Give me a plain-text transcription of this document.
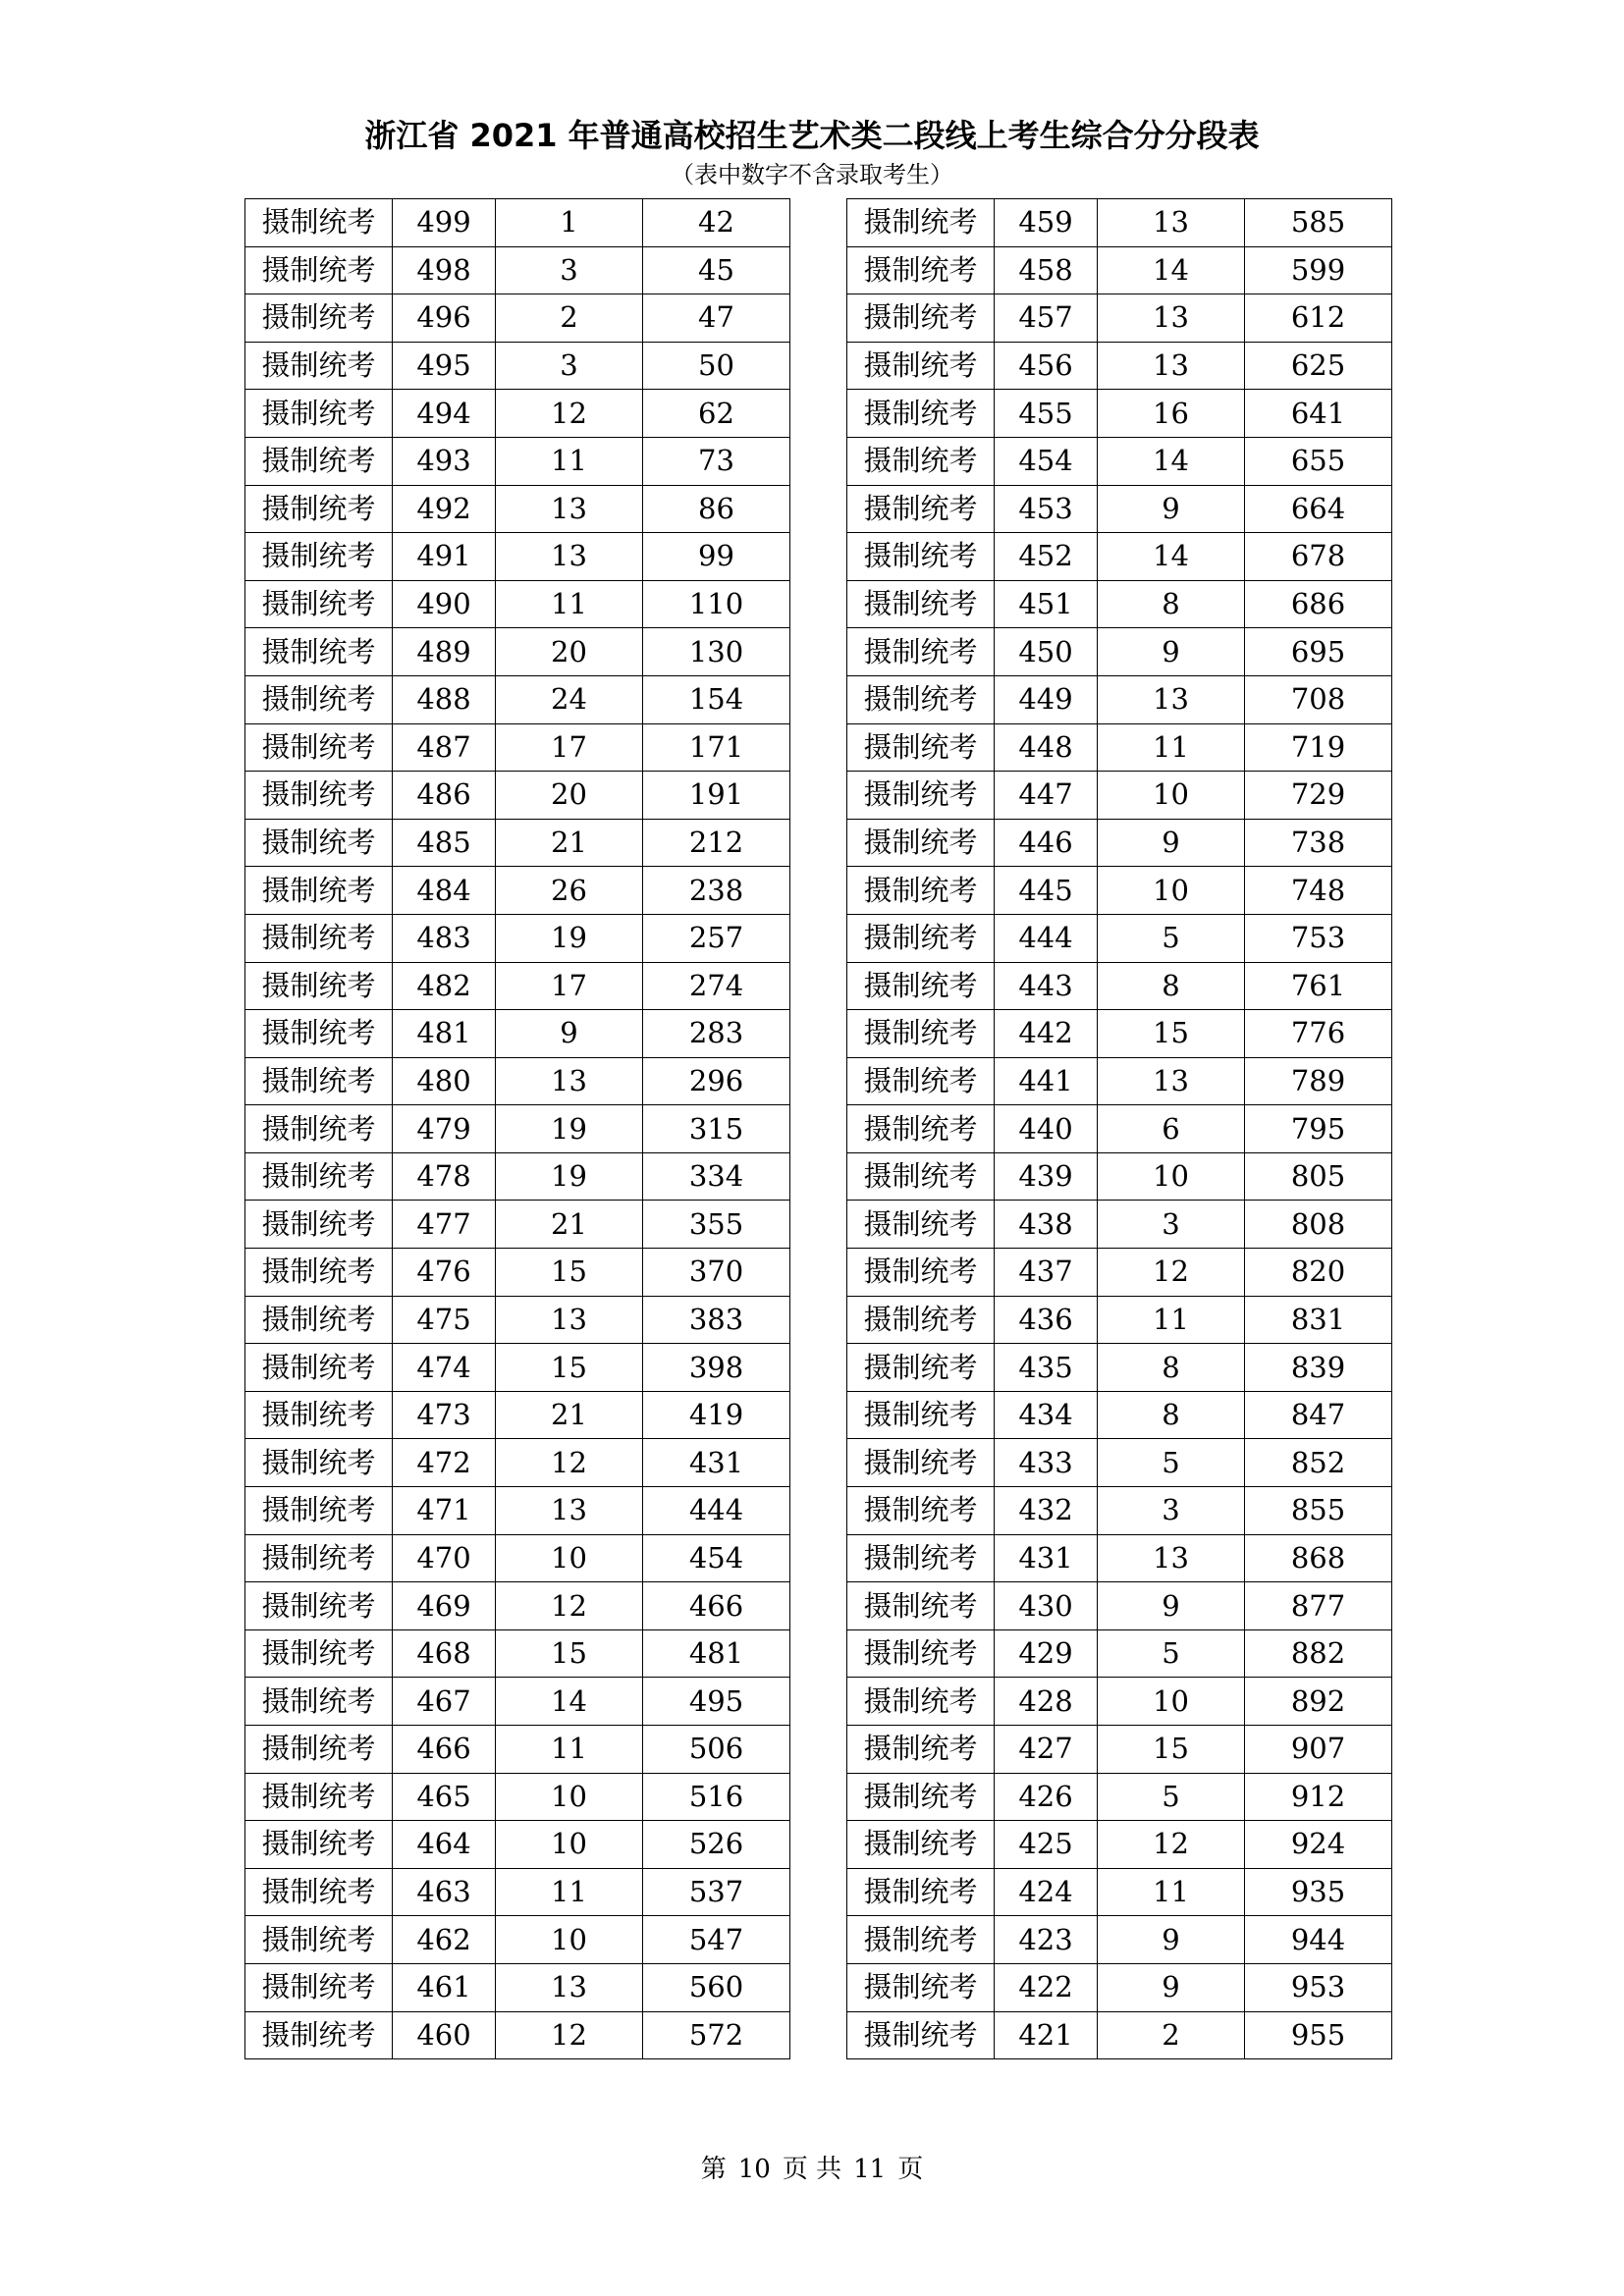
浙江省 2021 年普通高校招生艺术类二段线上考生综合分分段表
（表中数字不含录取考生）
摄制统考	499	1	42
摄制统考	498	3	45
摄制统考	496	2	47
摄制统考	495	3	50
摄制统考	494	12	62
摄制统考	493	11	73
摄制统考	492	13	86
摄制统考	491	13	99
摄制统考	490	11	110
摄制统考	489	20	130
摄制统考	488	24	154
摄制统考	487	17	171
摄制统考	486	20	191
摄制统考	485	21	212
摄制统考	484	26	238
摄制统考	483	19	257
摄制统考	482	17	274
摄制统考	481	9	283
摄制统考	480	13	296
摄制统考	479	19	315
摄制统考	478	19	334
摄制统考	477	21	355
摄制统考	476	15	370
摄制统考	475	13	383
摄制统考	474	15	398
摄制统考	473	21	419
摄制统考	472	12	431
摄制统考	471	13	444
摄制统考	470	10	454
摄制统考	469	12	466
摄制统考	468	15	481
摄制统考	467	14	495
摄制统考	466	11	506
摄制统考	465	10	516
摄制统考	464	10	526
摄制统考	463	11	537
摄制统考	462	10	547
摄制统考	461	13	560
摄制统考	460	12	572
摄制统考	459	13	585
摄制统考	458	14	599
摄制统考	457	13	612
摄制统考	456	13	625
摄制统考	455	16	641
摄制统考	454	14	655
摄制统考	453	9	664
摄制统考	452	14	678
摄制统考	451	8	686
摄制统考	450	9	695
摄制统考	449	13	708
摄制统考	448	11	719
摄制统考	447	10	729
摄制统考	446	9	738
摄制统考	445	10	748
摄制统考	444	5	753
摄制统考	443	8	761
摄制统考	442	15	776
摄制统考	441	13	789
摄制统考	440	6	795
摄制统考	439	10	805
摄制统考	438	3	808
摄制统考	437	12	820
摄制统考	436	11	831
摄制统考	435	8	839
摄制统考	434	8	847
摄制统考	433	5	852
摄制统考	432	3	855
摄制统考	431	13	868
摄制统考	430	9	877
摄制统考	429	5	882
摄制统考	428	10	892
摄制统考	427	15	907
摄制统考	426	5	912
摄制统考	425	12	924
摄制统考	424	11	935
摄制统考	423	9	944
摄制统考	422	9	953
摄制统考	421	2	955
第 10 页 共 11 页
